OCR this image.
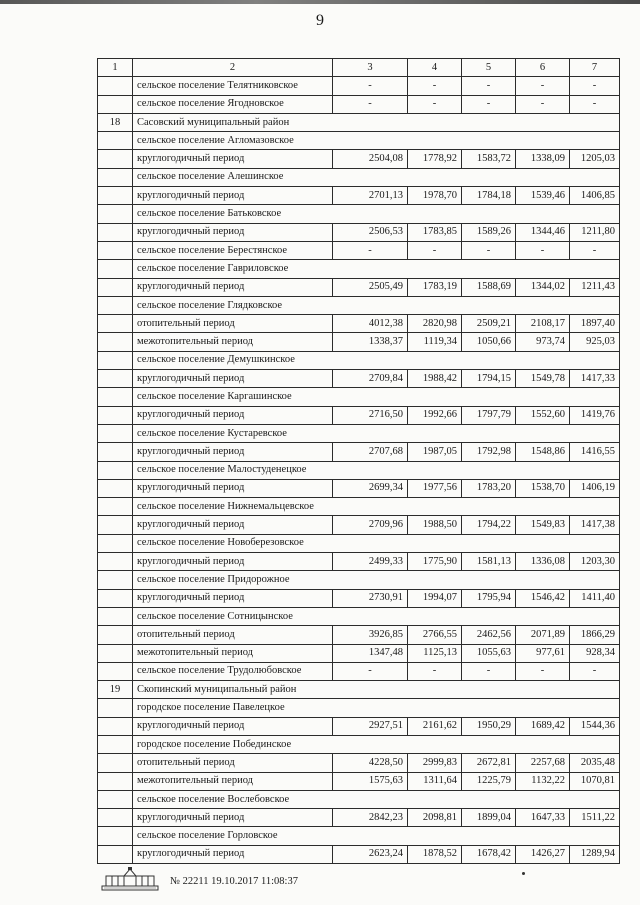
9
1	2	3	4	5	6	7
	сельское поселение Телятниковское	-	-	-	-	-
	сельское поселение Ягодновское	-	-	-	-	-
18	Сасовский муниципальный район					
	сельское поселение Агломазовское					
	круглогодичный период	2504,08	1778,92	1583,72	1338,09	1205,03
	сельское поселение Алешинское					
	круглогодичный период	2701,13	1978,70	1784,18	1539,46	1406,85
	сельское поселение Батьковское					
	круглогодичный период	2506,53	1783,85	1589,26	1344,46	1211,80
	сельское поселение Берестянское	-	-	-	-	-
	сельское поселение Гавриловское					
	круглогодичный период	2505,49	1783,19	1588,69	1344,02	1211,43
	сельское поселение Глядковское					
	отопительный период	4012,38	2820,98	2509,21	2108,17	1897,40
	межотопительный период	1338,37	1119,34	1050,66	973,74	925,03
	сельское поселение Демушкинское					
	круглогодичный период	2709,84	1988,42	1794,15	1549,78	1417,33
	сельское поселение Каргашинское					
	круглогодичный период	2716,50	1992,66	1797,79	1552,60	1419,76
	сельское поселение Кустаревское					
	круглогодичный период	2707,68	1987,05	1792,98	1548,86	1416,55
	сельское поселение Малостуденецкое					
	круглогодичный период	2699,34	1977,56	1783,20	1538,70	1406,19
	сельское поселение Нижнемальцевское					
	круглогодичный период	2709,96	1988,50	1794,22	1549,83	1417,38
	сельское поселение Новоберезовское					
	круглогодичный период	2499,33	1775,90	1581,13	1336,08	1203,30
	сельское поселение Придорожное					
	круглогодичный период	2730,91	1994,07	1795,94	1546,42	1411,40
	сельское поселение Сотницынское					
	отопительный период	3926,85	2766,55	2462,56	2071,89	1866,29
	межотопительный период	1347,48	1125,13	1055,63	977,61	928,34
	сельское поселение Трудолюбовское	-	-	-	-	-
19	Скопинский муниципальный район					
	городское поселение Павелецкое					
	круглогодичный период	2927,51	2161,62	1950,29	1689,42	1544,36
	городское поселение Побединское					
	отопительный период	4228,50	2999,83	2672,81	2257,68	2035,48
	межотопительный период	1575,63	1311,64	1225,79	1132,22	1070,81
	сельское поселение Вослебовское					
	круглогодичный период	2842,23	2098,81	1899,04	1647,33	1511,22
	сельское поселение Горловское					
	круглогодичный период	2623,24	1878,52	1678,42	1426,27	1289,94
№ 22211 19.10.2017 11:08:37
